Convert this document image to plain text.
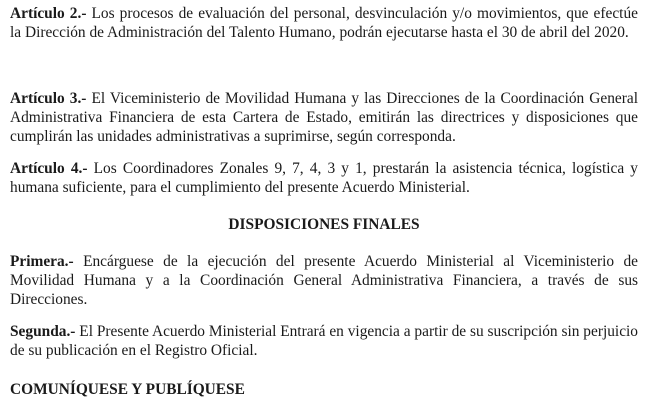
Artículo 2.- Los procesos de evaluación del personal, desvinculación y/o movimientos, que efectúe la Dirección de Administración del Talento Humano, podrán ejecutarse hasta el 30 de abril del 2020.

Artículo 3.- El Viceministerio de Movilidad Humana y las Direcciones de la Coordinación General Administrativa Financiera de esta Cartera de Estado, emitirán las directrices y disposiciones que cumplirán las unidades administrativas a suprimirse, según corresponda.

Artículo 4.- Los Coordinadores Zonales 9, 7, 4, 3 y 1, prestarán la asistencia técnica, logística y humana suficiente, para el cumplimiento del presente Acuerdo Ministerial.

DISPOSICIONES FINALES

Primera.- Encárguese de la ejecución del presente Acuerdo Ministerial al Viceministerio de Movilidad Humana y a la Coordinación General Administrativa Financiera, a través de sus Direcciones.

Segunda.- El Presente Acuerdo Ministerial Entrará en vigencia a partir de su suscripción sin perjuicio de su publicación en el Registro Oficial.

COMUNÍQUESE Y PUBLÍQUESE
